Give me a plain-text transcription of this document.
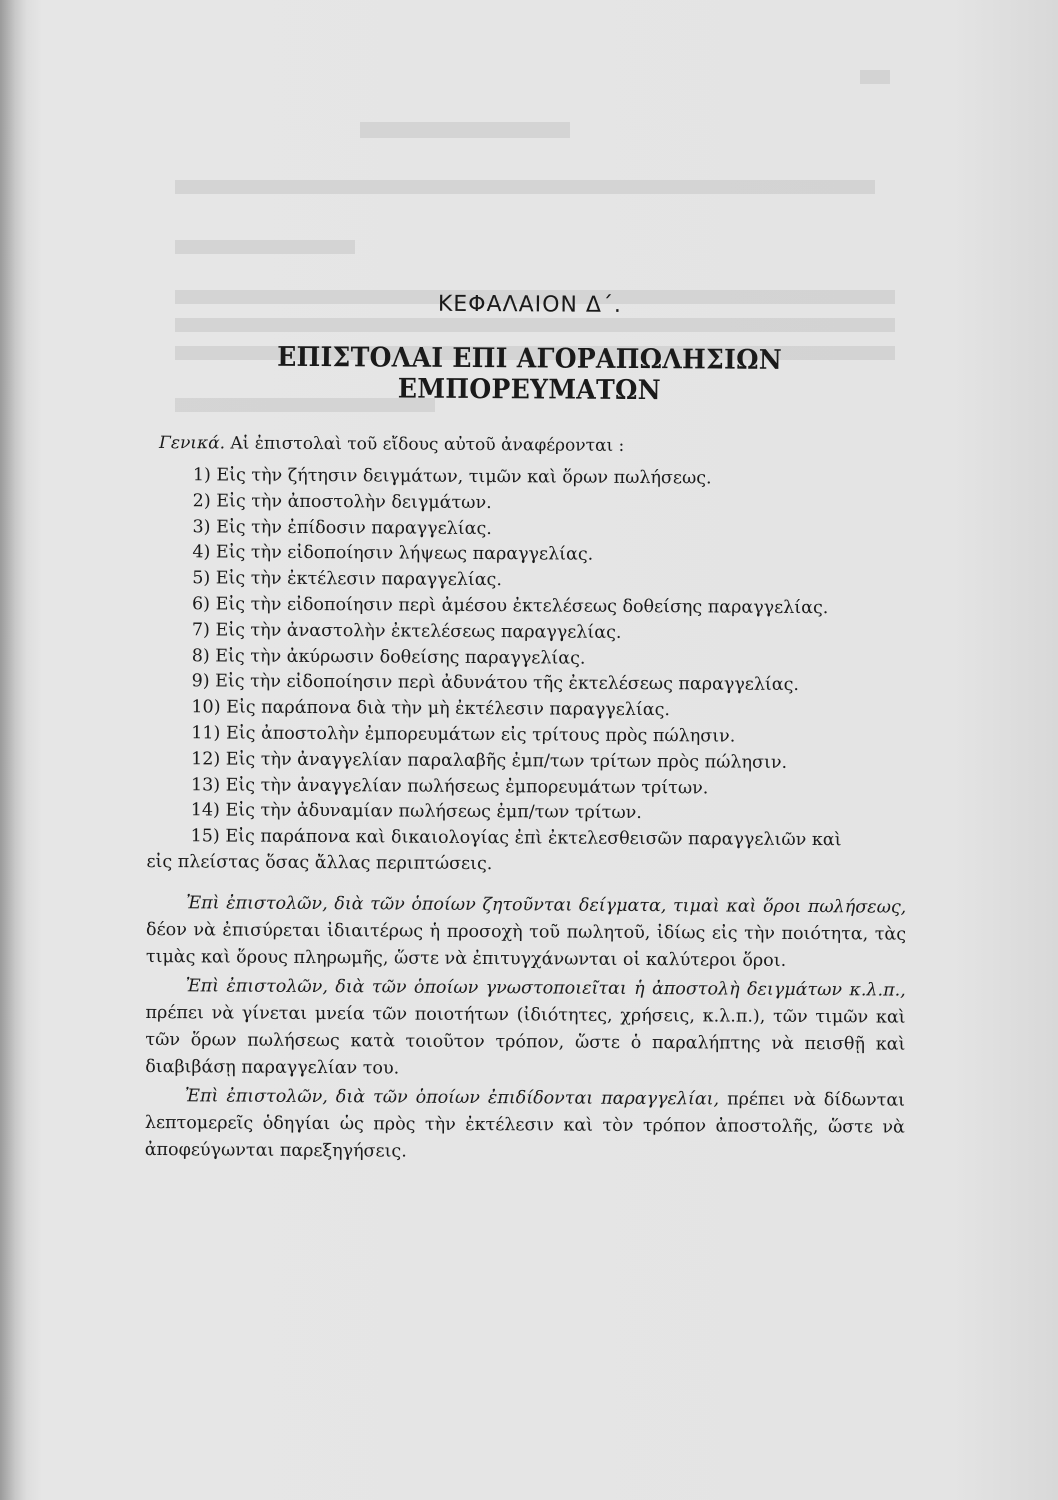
ΚΕΦΑΛΑΙΟΝ Δ΄.
ΕΠΙΣΤΟΛΑΙ ΕΠΙ ΑΓΟΡΑΠΩΛΗΣΙΩΝ ΕΜΠΟΡΕΥΜΑΤΩΝ

Γενικά. Αἱ ἐπιστολαὶ τοῦ εἴδους αὐτοῦ ἀναφέρονται :

1) Εἰς τὴν ζήτησιν δειγμάτων, τιμῶν καὶ ὅρων πωλήσεως.
2) Εἰς τὴν ἀποστολὴν δειγμάτων.
3) Εἰς τὴν ἐπίδοσιν παραγγελίας.
4) Εἰς τὴν εἰδοποίησιν λήψεως παραγγελίας.
5) Εἰς τὴν ἐκτέλεσιν παραγγελίας.
6) Εἰς τὴν εἰδοποίησιν περὶ ἀμέσου ἐκτελέσεως δοθείσης παραγγελίας.
7) Εἰς τὴν ἀναστολὴν ἐκτελέσεως παραγγελίας.
8) Εἰς τὴν ἀκύρωσιν δοθείσης παραγγελίας.
9) Εἰς τὴν εἰδοποίησιν περὶ ἀδυνάτου τῆς ἐκτελέσεως παραγγελίας.
10) Εἰς παράπονα διὰ τὴν μὴ ἐκτέλεσιν παραγγελίας.
11) Εἰς ἀποστολὴν ἐμπορευμάτων εἰς τρίτους πρὸς πώλησιν.
12) Εἰς τὴν ἀναγγελίαν παραλαβῆς ἐμπ/των τρίτων πρὸς πώλησιν.
13) Εἰς τὴν ἀναγγελίαν πωλήσεως ἐμπορευμάτων τρίτων.
14) Εἰς τὴν ἀδυναμίαν πωλήσεως ἐμπ/των τρίτων.
15) Εἰς παράπονα καὶ δικαιολογίας ἐπὶ ἐκτελεσθεισῶν παραγγελιῶν καὶ
εἰς πλείστας ὅσας ἄλλας περιπτώσεις.

Ἐπὶ ἐπιστολῶν, διὰ τῶν ὁποίων ζητοῦνται δείγματα, τιμαὶ καὶ ὅροι πωλήσεως, δέον νὰ ἐπισύρεται ἰδιαιτέρως ἡ προσοχὴ τοῦ πωλητοῦ, ἰδίως εἰς τὴν ποιότητα, τὰς τιμὰς καὶ ὅρους πληρωμῆς, ὥστε νὰ ἐπιτυγχάνωνται οἱ καλύτεροι ὅροι.

Ἐπὶ ἐπιστολῶν, διὰ τῶν ὁποίων γνωστοποιεῖται ἡ ἀποστολὴ δειγμάτων κ.λ.π., πρέπει νὰ γίνεται μνεία τῶν ποιοτήτων (ἰδιότητες, χρήσεις, κ.λ.π.), τῶν τιμῶν καὶ τῶν ὅρων πωλήσεως κατὰ τοιοῦτον τρόπον, ὥστε ὁ παραλήπτης νὰ πεισθῇ καὶ διαβιβάσῃ παραγγελίαν του.

Ἐπὶ ἐπιστολῶν, διὰ τῶν ὁποίων ἐπιδίδονται παραγγελίαι, πρέπει νὰ δίδωνται λεπτομερεῖς ὁδηγίαι ὡς πρὸς τὴν ἐκτέλεσιν καὶ τὸν τρόπον ἀποστολῆς, ὥστε νὰ ἀποφεύγωνται παρεξηγήσεις.
